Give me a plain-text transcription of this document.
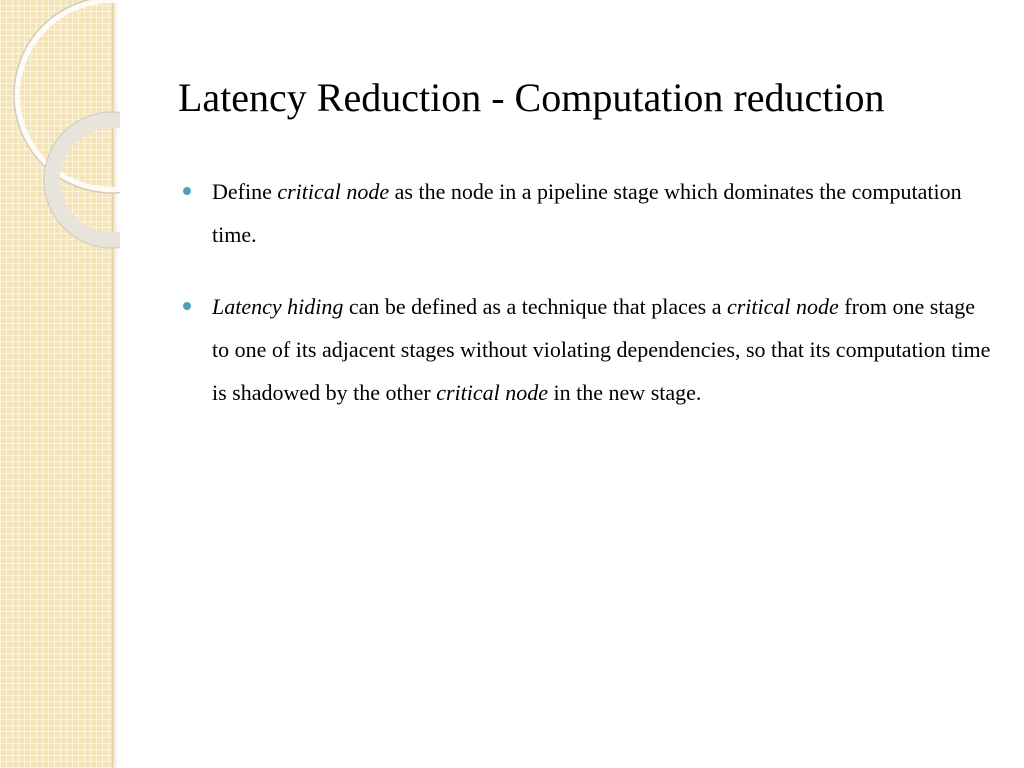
Latency Reduction - Computation reduction
Define critical node as the node in a pipeline stage which dominates the computation time.
Latency hiding can be defined as a technique that places a critical node from one stage to one of its adjacent stages without violating dependencies, so that its computation time is shadowed by the other critical node in the new stage.
